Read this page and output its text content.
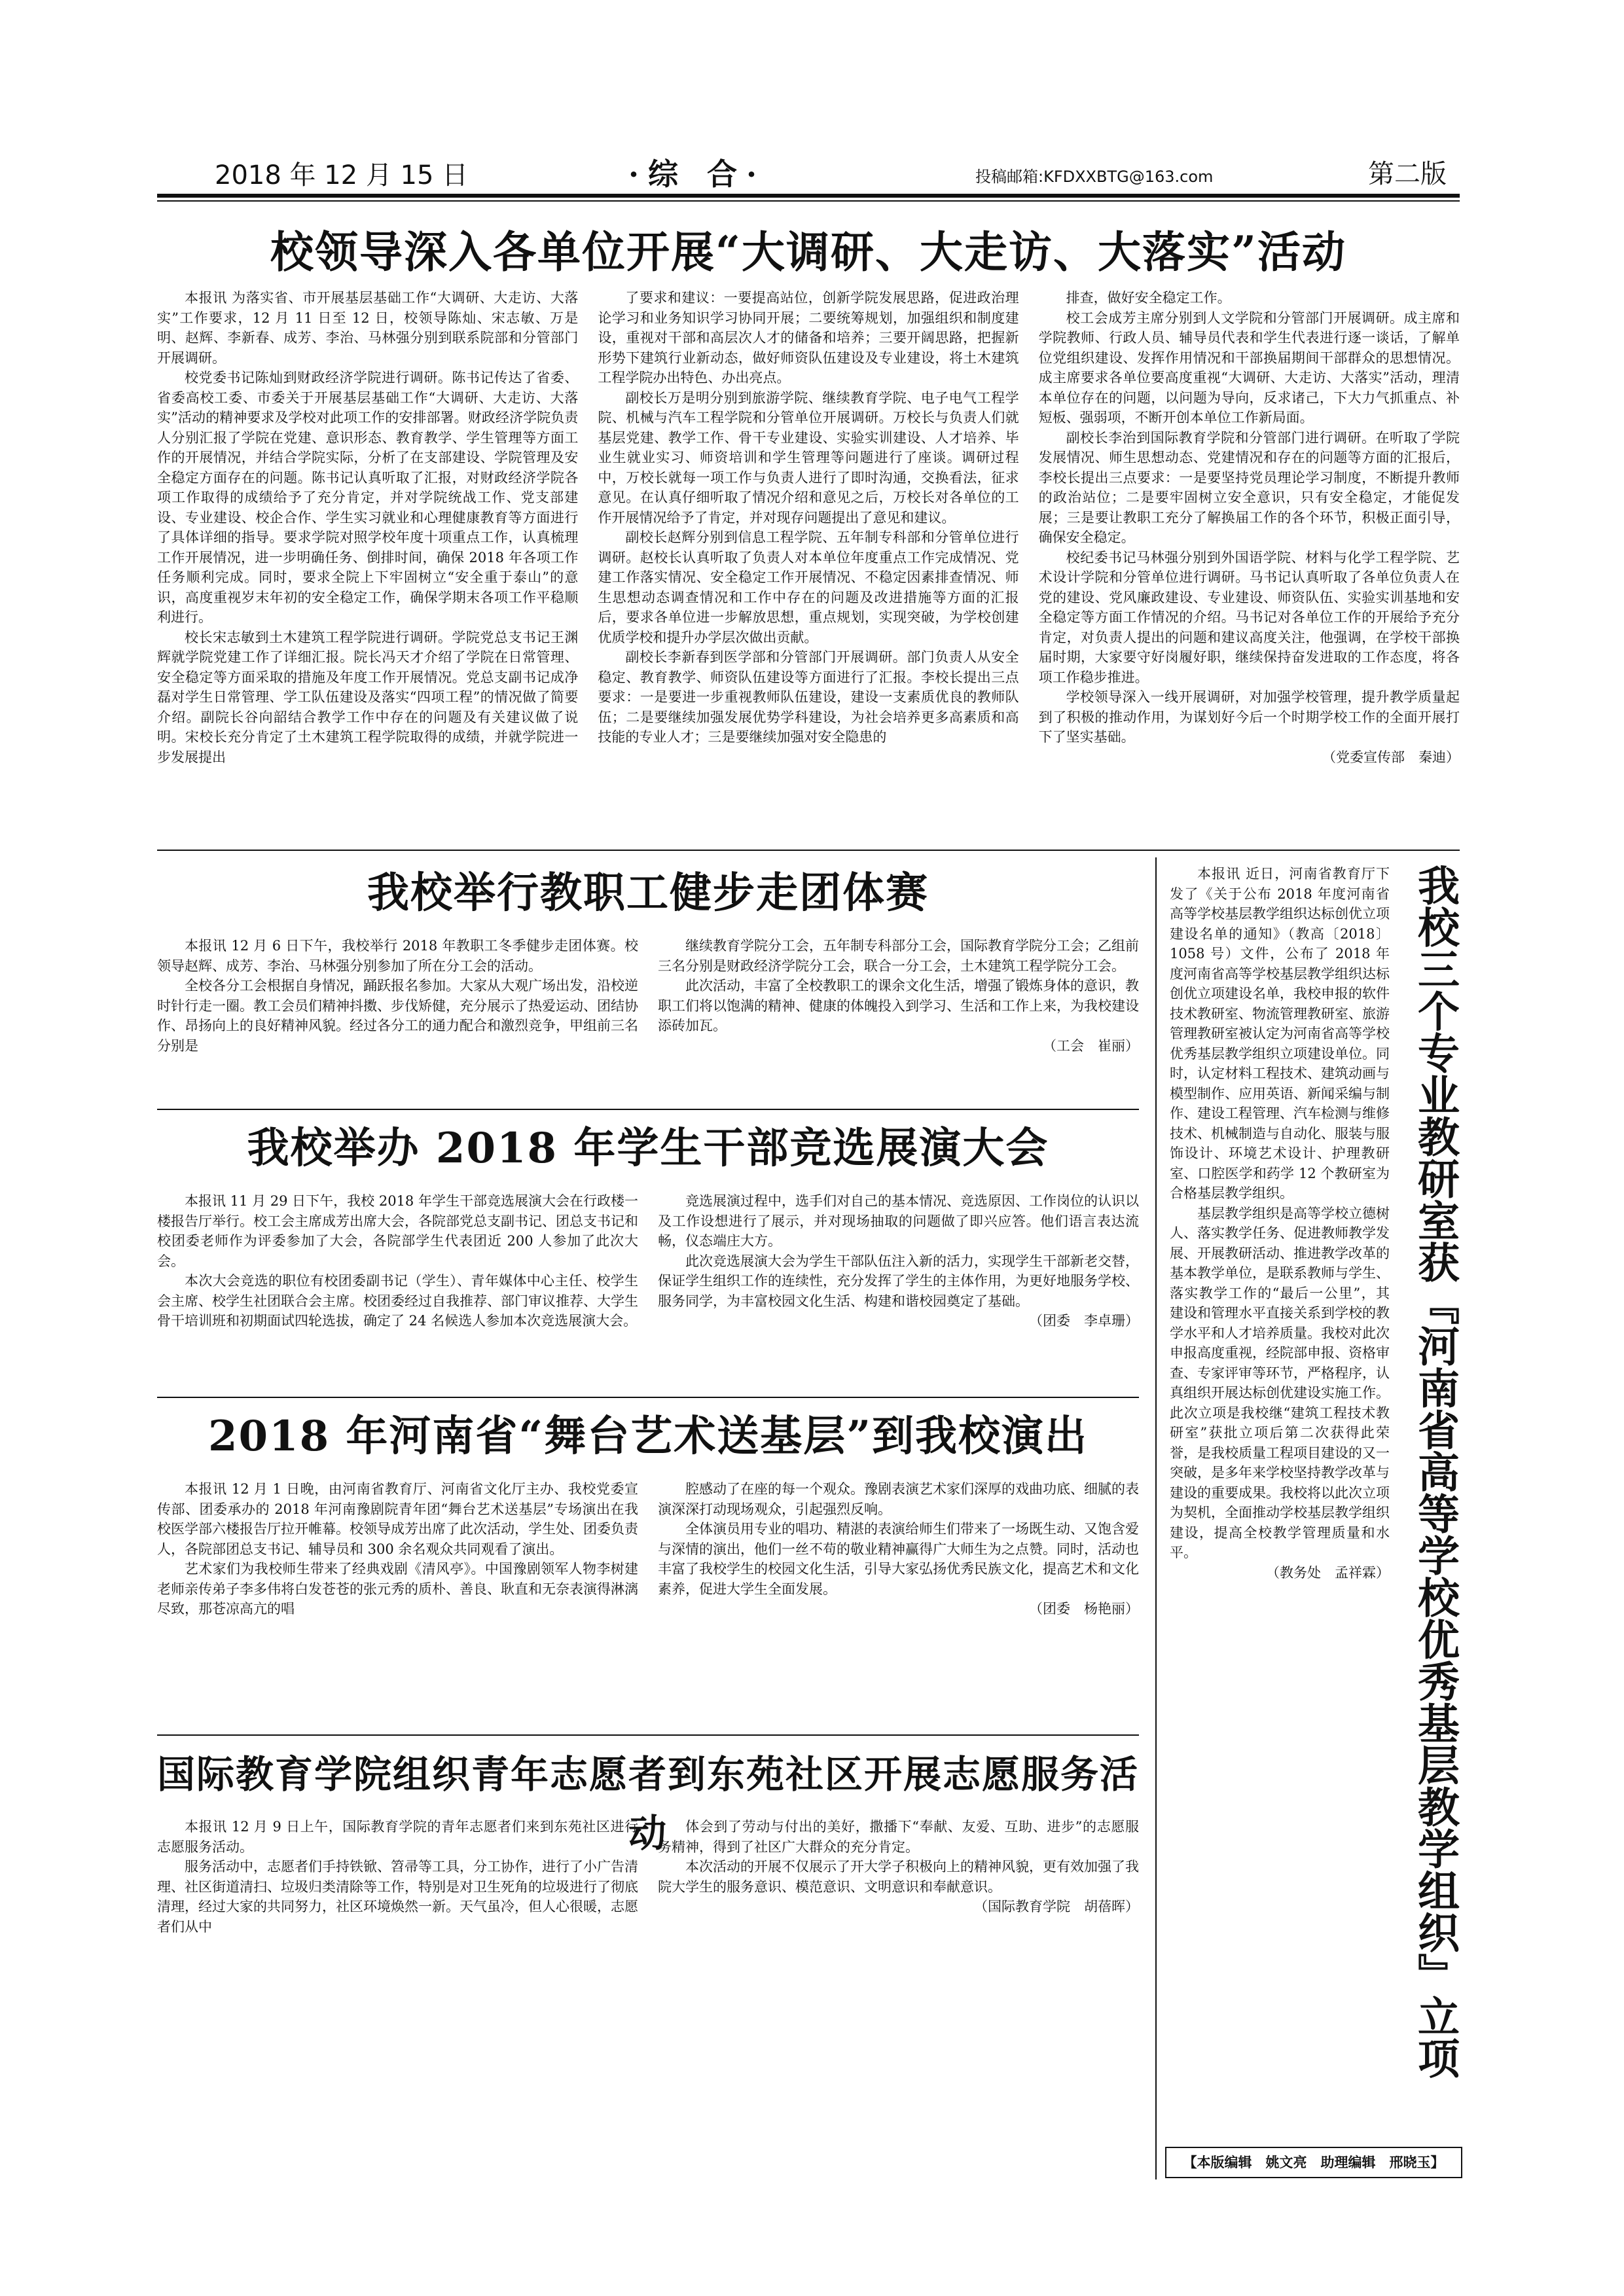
2018 年 12 月 15 日	·综 合·	投稿邮箱:KFDXXBTG@163.com	第二版
校领导深入各单位开展“大调研、大走访、大落实”活动

本报讯 为落实省、市开展基层基础工作“大调研、大走访、大落实”工作要求，12 月 11 日至 12 日，校领导陈灿、宋志敏、万是明、赵辉、李新春、成芳、李治、马林强分别到联系院部和分管部门开展调研。

校党委书记陈灿到财政经济学院进行调研。陈书记传达了省委、省委高校工委、市委关于开展基层基础工作“大调研、大走访、大落实”活动的精神要求及学校对此项工作的安排部署。财政经济学院负责人分别汇报了学院在党建、意识形态、教育教学、学生管理等方面工作的开展情况，并结合学院实际，分析了在支部建设、学院管理及安全稳定方面存在的问题。陈书记认真听取了汇报，对财政经济学院各项工作取得的成绩给予了充分肯定，并对学院统战工作、党支部建设、专业建设、校企合作、学生实习就业和心理健康教育等方面进行了具体详细的指导。要求学院对照学校年度十项重点工作，认真梳理工作开展情况，进一步明确任务、倒排时间，确保 2018 年各项工作任务顺利完成。同时，要求全院上下牢固树立“安全重于泰山”的意识，高度重视岁末年初的安全稳定工作，确保学期末各项工作平稳顺利进行。

校长宋志敏到土木建筑工程学院进行调研。学院党总支书记王渊辉就学院党建工作了详细汇报。院长冯天才介绍了学院在日常管理、安全稳定等方面采取的措施及年度工作开展情况。党总支副书记成净磊对学生日常管理、学工队伍建设及落实“四项工程”的情况做了简要介绍。副院长谷向韶结合教学工作中存在的问题及有关建议做了说明。宋校长充分肯定了土木建筑工程学院取得的成绩，并就学院进一步发展提出

了要求和建议：一要提高站位，创新学院发展思路，促进政治理论学习和业务知识学习协同开展；二要统筹规划，加强组织和制度建设，重视对干部和高层次人才的储备和培养；三要开阔思路，把握新形势下建筑行业新动态，做好师资队伍建设及专业建设，将土木建筑工程学院办出特色、办出亮点。

副校长万是明分别到旅游学院、继续教育学院、电子电气工程学院、机械与汽车工程学院和分管单位开展调研。万校长与负责人们就基层党建、教学工作、骨干专业建设、实验实训建设、人才培养、毕业生就业实习、师资培训和学生管理等问题进行了座谈。调研过程中，万校长就每一项工作与负责人进行了即时沟通，交换看法，征求意见。在认真仔细听取了情况介绍和意见之后，万校长对各单位的工作开展情况给予了肯定，并对现存问题提出了意见和建议。

副校长赵辉分别到信息工程学院、五年制专科部和分管单位进行调研。赵校长认真听取了负责人对本单位年度重点工作完成情况、党建工作落实情况、安全稳定工作开展情况、不稳定因素排查情况、师生思想动态调查情况和工作中存在的问题及改进措施等方面的汇报后，要求各单位进一步解放思想，重点规划，实现突破，为学校创建优质学校和提升办学层次做出贡献。

副校长李新春到医学部和分管部门开展调研。部门负责人从安全稳定、教育教学、师资队伍建设等方面进行了汇报。李校长提出三点要求：一是要进一步重视教师队伍建设，建设一支素质优良的教师队伍；二是要继续加强发展优势学科建设，为社会培养更多高素质和高技能的专业人才；三是要继续加强对安全隐患的

排查，做好安全稳定工作。

校工会成芳主席分别到人文学院和分管部门开展调研。成主席和学院教师、行政人员、辅导员代表和学生代表进行逐一谈话，了解单位党组织建设、发挥作用情况和干部换届期间干部群众的思想情况。成主席要求各单位要高度重视“大调研、大走访、大落实”活动，理清本单位存在的问题，以问题为导向，反求诸己，下大力气抓重点、补短板、强弱项，不断开创本单位工作新局面。

副校长李治到国际教育学院和分管部门进行调研。在听取了学院发展情况、师生思想动态、党建情况和存在的问题等方面的汇报后，李校长提出三点要求：一是要坚持党员理论学习制度，不断提升教师的政治站位；二是要牢固树立安全意识，只有安全稳定，才能促发展；三是要让教职工充分了解换届工作的各个环节，积极正面引导，确保安全稳定。

校纪委书记马林强分别到外国语学院、材料与化学工程学院、艺术设计学院和分管单位进行调研。马书记认真听取了各单位负责人在党的建设、党风廉政建设、专业建设、师资队伍、实验实训基地和安全稳定等方面工作情况的介绍。马书记对各单位工作的开展给予充分肯定，对负责人提出的问题和建议高度关注，他强调，在学校干部换届时期，大家要守好岗履好职，继续保持奋发进取的工作态度，将各项工作稳步推进。

学校领导深入一线开展调研，对加强学校管理，提升教学质量起到了积极的推动作用，为谋划好今后一个时期学校工作的全面开展打下了坚实基础。

（党委宣传部　秦迪）
我校举行教职工健步走团体赛

本报讯 12 月 6 日下午，我校举行 2018 年教职工冬季健步走团体赛。校领导赵辉、成芳、李治、马林强分别参加了所在分工会的活动。

全校各分工会根据自身情况，踊跃报名参加。大家从大观广场出发，沿校逆时针行走一圈。教工会员们精神抖擞、步伐矫健，充分展示了热爱运动、团结协作、昂扬向上的良好精神风貌。经过各分工的通力配合和激烈竞争，甲组前三名分别是

继续教育学院分工会，五年制专科部分工会，国际教育学院分工会；乙组前三名分别是财政经济学院分工会，联合一分工会，土木建筑工程学院分工会。

此次活动，丰富了全校教职工的课余文化生活，增强了锻炼身体的意识，教职工们将以饱满的精神、健康的体魄投入到学习、生活和工作上来，为我校建设添砖加瓦。

（工会　崔丽）
我校举办 2018 年学生干部竞选展演大会

本报讯 11 月 29 日下午，我校 2018 年学生干部竞选展演大会在行政楼一楼报告厅举行。校工会主席成芳出席大会，各院部党总支副书记、团总支书记和校团委老师作为评委参加了大会，各院部学生代表团近 200 人参加了此次大会。

本次大会竞选的职位有校团委副书记（学生）、青年媒体中心主任、校学生会主席、校学生社团联合会主席。校团委经过自我推荐、部门审议推荐、大学生骨干培训班和初期面试四轮选拔，确定了 24 名候选人参加本次竞选展演大会。

竞选展演过程中，选手们对自己的基本情况、竞选原因、工作岗位的认识以及工作设想进行了展示，并对现场抽取的问题做了即兴应答。他们语言表达流畅，仪态端庄大方。

此次竞选展演大会为学生干部队伍注入新的活力，实现学生干部新老交替，保证学生组织工作的连续性，充分发挥了学生的主体作用，为更好地服务学校、服务同学，为丰富校园文化生活、构建和谐校园奠定了基础。

（团委　李卓珊）
2018 年河南省“舞台艺术送基层”到我校演出

本报讯 12 月 1 日晚，由河南省教育厅、河南省文化厅主办、我校党委宣传部、团委承办的 2018 年河南豫剧院青年团“舞台艺术送基层”专场演出在我校医学部六楼报告厅拉开帷幕。校领导成芳出席了此次活动，学生处、团委负责人，各院部团总支书记、辅导员和 300 余名观众共同观看了演出。

艺术家们为我校师生带来了经典戏剧《清风亭》。中国豫剧领军人物李树建老师亲传弟子李多伟将白发苍苍的张元秀的质朴、善良、耿直和无奈表演得淋漓尽致，那苍凉高亢的唱

腔感动了在座的每一个观众。豫剧表演艺术家们深厚的戏曲功底、细腻的表演深深打动现场观众，引起强烈反响。

全体演员用专业的唱功、精湛的表演给师生们带来了一场既生动、又饱含爱与深情的演出，他们一丝不苟的敬业精神赢得广大师生为之点赞。同时，活动也丰富了我校学生的校园文化生活，引导大家弘扬优秀民族文化，提高艺术和文化素养，促进大学生全面发展。

（团委　杨艳丽）
国际教育学院组织青年志愿者到东苑社区开展志愿服务活动

本报讯 12 月 9 日上午，国际教育学院的青年志愿者们来到东苑社区进行志愿服务活动。

服务活动中，志愿者们手持铁锨、笤帚等工具，分工协作，进行了小广告清理、社区街道清扫、垃圾归类清除等工作，特别是对卫生死角的垃圾进行了彻底清理，经过大家的共同努力，社区环境焕然一新。天气虽冷，但人心很暖，志愿者们从中

体会到了劳动与付出的美好，撒播下“奉献、友爱、互助、进步”的志愿服务精神，得到了社区广大群众的充分肯定。

本次活动的开展不仅展示了开大学子积极向上的精神风貌，更有效加强了我院大学生的服务意识、模范意识、文明意识和奉献意识。

（国际教育学院　胡蓓晖）

本报讯 近日，河南省教育厅下发了《关于公布 2018 年度河南省高等学校基层教学组织达标创优立项建设名单的通知》（教高〔2018〕1058 号）文件，公布了 2018 年度河南省高等学校基层教学组织达标创优立项建设名单，我校申报的软件技术教研室、物流管理教研室、旅游管理教研室被认定为河南省高等学校优秀基层教学组织立项建设单位。同时，认定材料工程技术、建筑动画与模型制作、应用英语、新闻采编与制作、建设工程管理、汽车检测与维修技术、机械制造与自动化、服装与服饰设计、环境艺术设计、护理教研室、口腔医学和药学 12 个教研室为合格基层教学组织。

基层教学组织是高等学校立德树人、落实教学任务、促进教师教学发展、开展教研活动、推进教学改革的基本教学单位，是联系教师与学生、落实教学工作的“最后一公里”，其建设和管理水平直接关系到学校的教学水平和人才培养质量。我校对此次申报高度重视，经院部申报、资格审查、专家评审等环节，严格程序，认真组织开展达标创优建设实施工作。此次立项是我校继“建筑工程技术教研室”获批立项后第二次获得此荣誉，是我校质量工程项目建设的又一突破，是多年来学校坚持教学改革与建设的重要成果。我校将以此次立项为契机，全面推动学校基层教学组织建设，提高全校教学管理质量和水平。

（教务处　孟祥霖） 我校三个专业教研室获『河南省高等学校优秀基层教学组织』立项
【本版编辑　姚文亮　助理编辑　邢晓玉】
